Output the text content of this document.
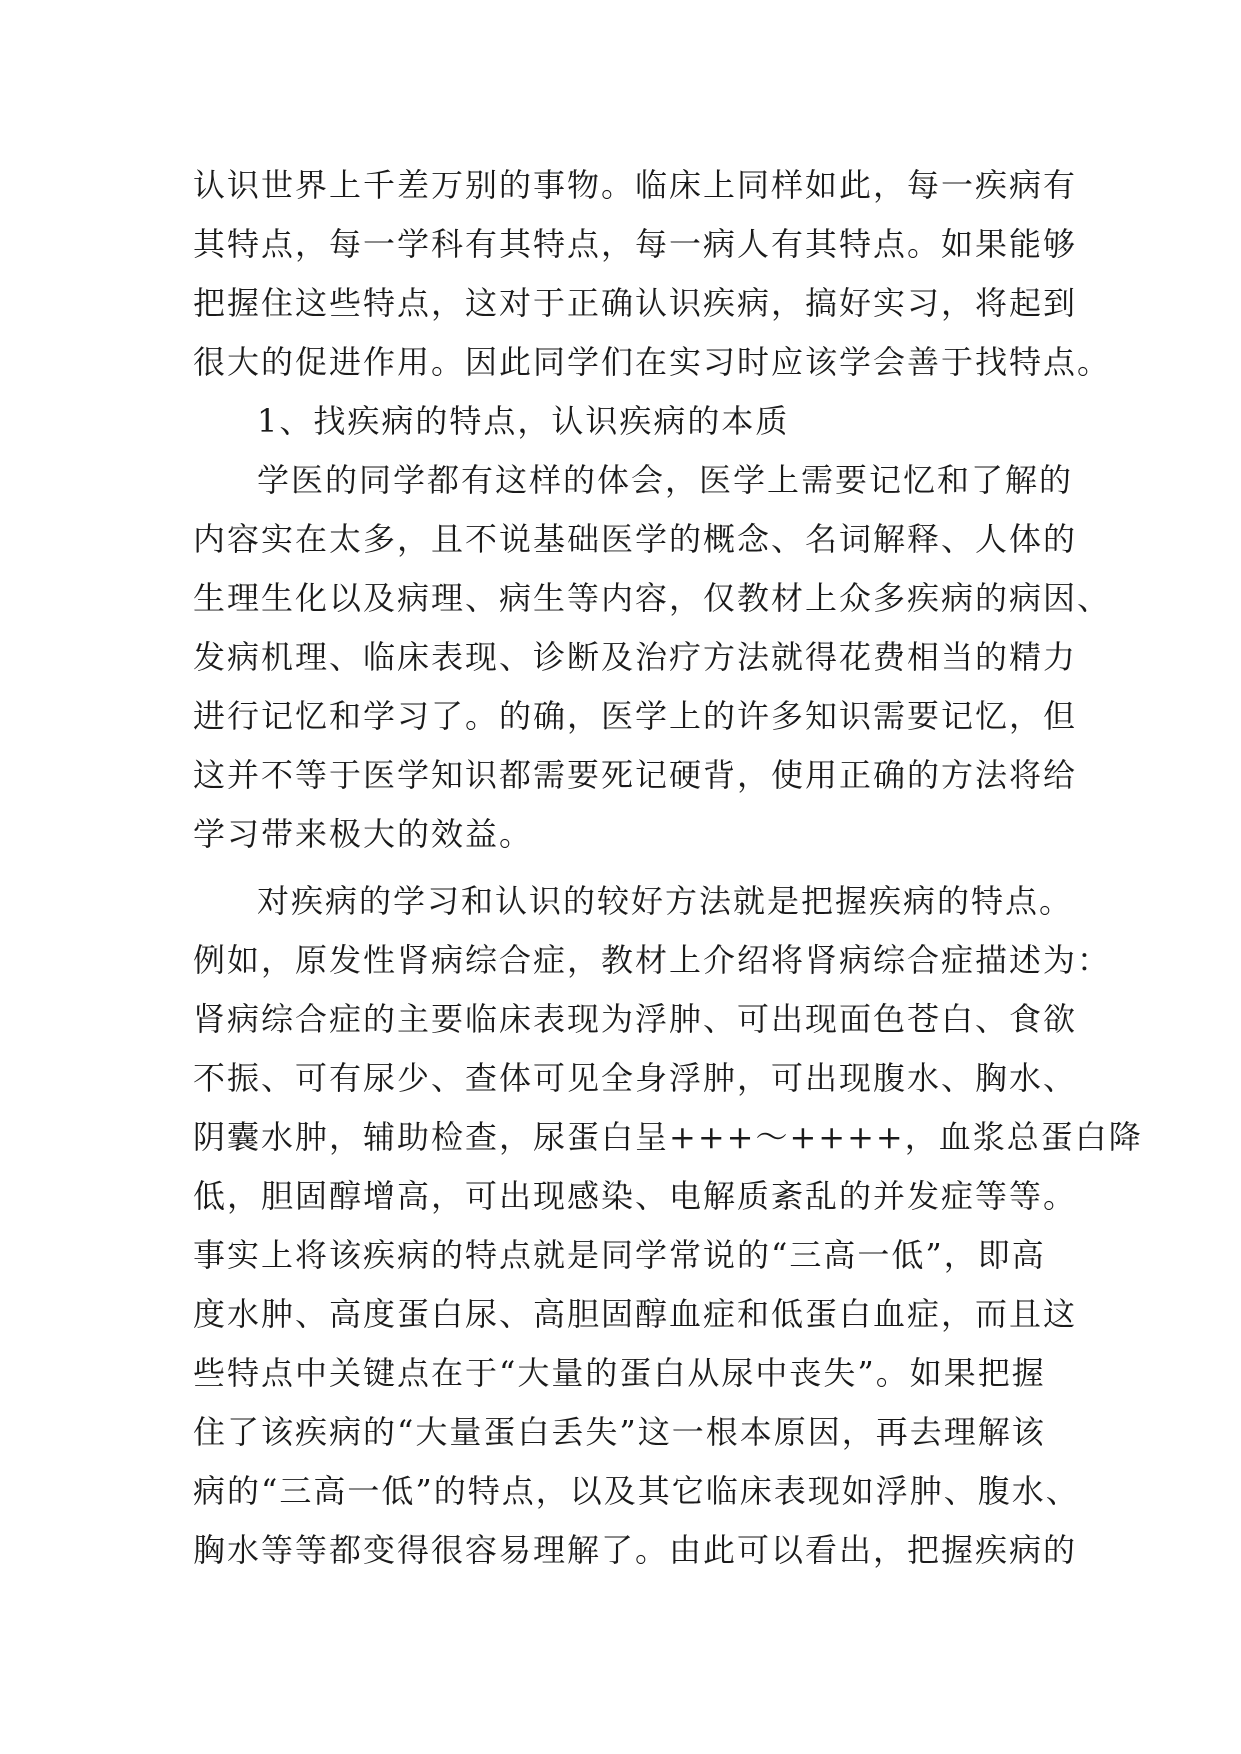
认识世界上千差万别的事物。临床上同样如此，每一疾病有
其特点，每一学科有其特点，每一病人有其特点。如果能够
把握住这些特点，这对于正确认识疾病，搞好实习，将起到
很大的促进作用。因此同学们在实习时应该学会善于找特点。
1、找疾病的特点，认识疾病的本质
学医的同学都有这样的体会，医学上需要记忆和了解的
内容实在太多，且不说基础医学的概念、名词解释、人体的
生理生化以及病理、病生等内容，仅教材上众多疾病的病因、
发病机理、临床表现、诊断及治疗方法就得花费相当的精力
进行记忆和学习了。的确，医学上的许多知识需要记忆，但
这并不等于医学知识都需要死记硬背，使用正确的方法将给
学习带来极大的效益。
对疾病的学习和认识的较好方法就是把握疾病的特点。
例如，原发性肾病综合症，教材上介绍将肾病综合症描述为：
肾病综合症的主要临床表现为浮肿、可出现面色苍白、食欲
不振、可有尿少、查体可见全身浮肿，可出现腹水、胸水、
阴囊水肿，辅助检查，尿蛋白呈+++～++++，血浆总蛋白降
低，胆固醇增高，可出现感染、电解质紊乱的并发症等等。
事实上将该疾病的特点就是同学常说的“三高一低”，即高
度水肿、高度蛋白尿、高胆固醇血症和低蛋白血症，而且这
些特点中关键点在于“大量的蛋白从尿中丧失”。如果把握
住了该疾病的“大量蛋白丢失”这一根本原因，再去理解该
病的“三高一低”的特点，以及其它临床表现如浮肿、腹水、
胸水等等都变得很容易理解了。由此可以看出，把握疾病的
